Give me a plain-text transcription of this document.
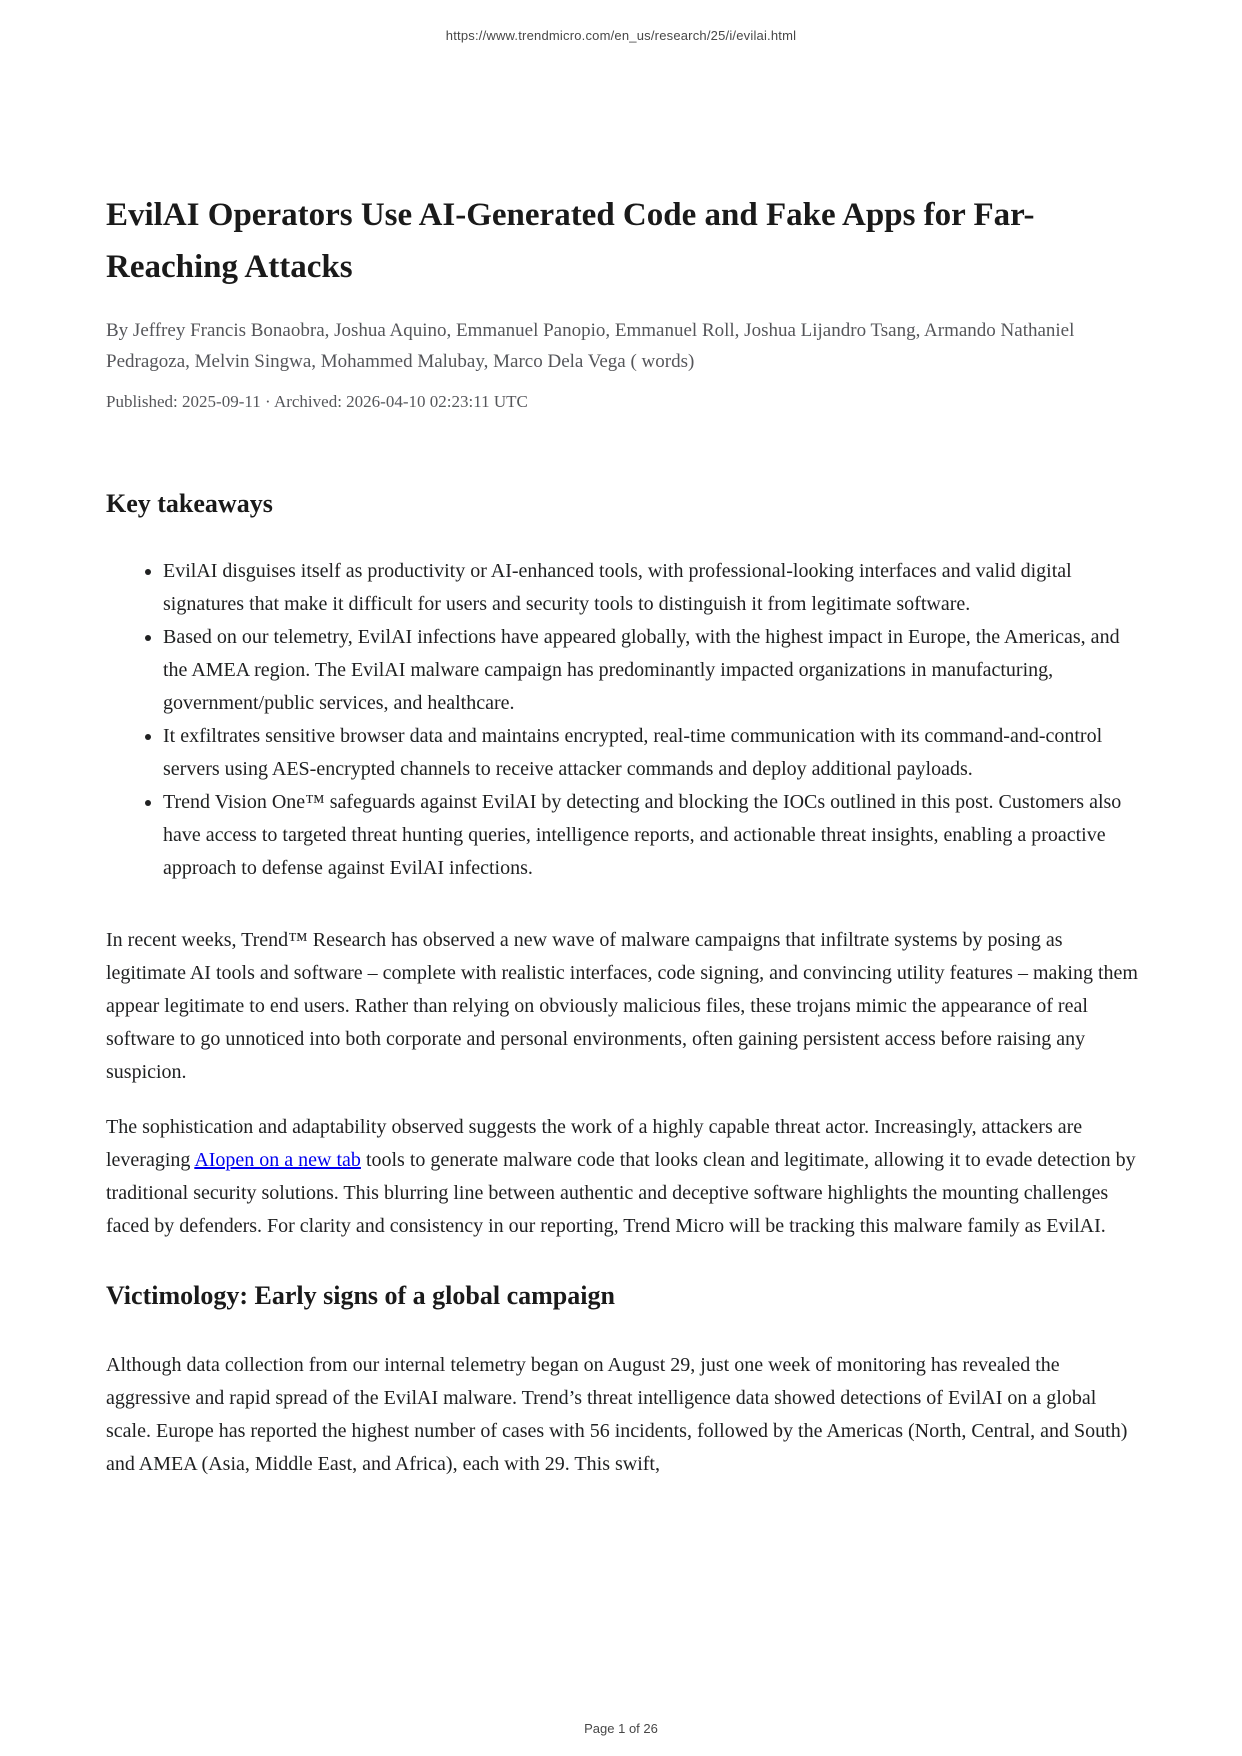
https://www.trendmicro.com/en_us/research/25/i/evilai.html
EvilAI Operators Use AI-Generated Code and Fake Apps for Far-Reaching Attacks
By Jeffrey Francis Bonaobra, Joshua Aquino, Emmanuel Panopio, Emmanuel Roll, Joshua Lijandro Tsang, Armando Nathaniel Pedragoza, Melvin Singwa, Mohammed Malubay, Marco Dela Vega ( words)
Published: 2025-09-11 · Archived: 2026-04-10 02:23:11 UTC
Key takeaways
• EvilAI disguises itself as productivity or AI-enhanced tools, with professional-looking interfaces and valid digital signatures that make it difficult for users and security tools to distinguish it from legitimate software.
• Based on our telemetry, EvilAI infections have appeared globally, with the highest impact in Europe, the Americas, and the AMEA region. The EvilAI malware campaign has predominantly impacted organizations in manufacturing, government/public services, and healthcare.
• It exfiltrates sensitive browser data and maintains encrypted, real-time communication with its command-and-control servers using AES-encrypted channels to receive attacker commands and deploy additional payloads.
• Trend Vision One™ safeguards against EvilAI by detecting and blocking the IOCs outlined in this post. Customers also have access to targeted threat hunting queries, intelligence reports, and actionable threat insights, enabling a proactive approach to defense against EvilAI infections.

In recent weeks, Trend™ Research has observed a new wave of malware campaigns that infiltrate systems by posing as legitimate AI tools and software – complete with realistic interfaces, code signing, and convincing utility features – making them appear legitimate to end users. Rather than relying on obviously malicious files, these trojans mimic the appearance of real software to go unnoticed into both corporate and personal environments, often gaining persistent access before raising any suspicion.

The sophistication and adaptability observed suggests the work of a highly capable threat actor. Increasingly, attackers are leveraging AIopen on a new tab tools to generate malware code that looks clean and legitimate, allowing it to evade detection by traditional security solutions. This blurring line between authentic and deceptive software highlights the mounting challenges faced by defenders. For clarity and consistency in our reporting, Trend Micro will be tracking this malware family as EvilAI.

Victimology: Early signs of a global campaign

Although data collection from our internal telemetry began on August 29, just one week of monitoring has revealed the aggressive and rapid spread of the EvilAI malware. Trend’s threat intelligence data showed detections of EvilAI on a global scale. Europe has reported the highest number of cases with 56 incidents, followed by the Americas (North, Central, and South) and AMEA (Asia, Middle East, and Africa), each with 29. This swift,

Page 1 of 26
